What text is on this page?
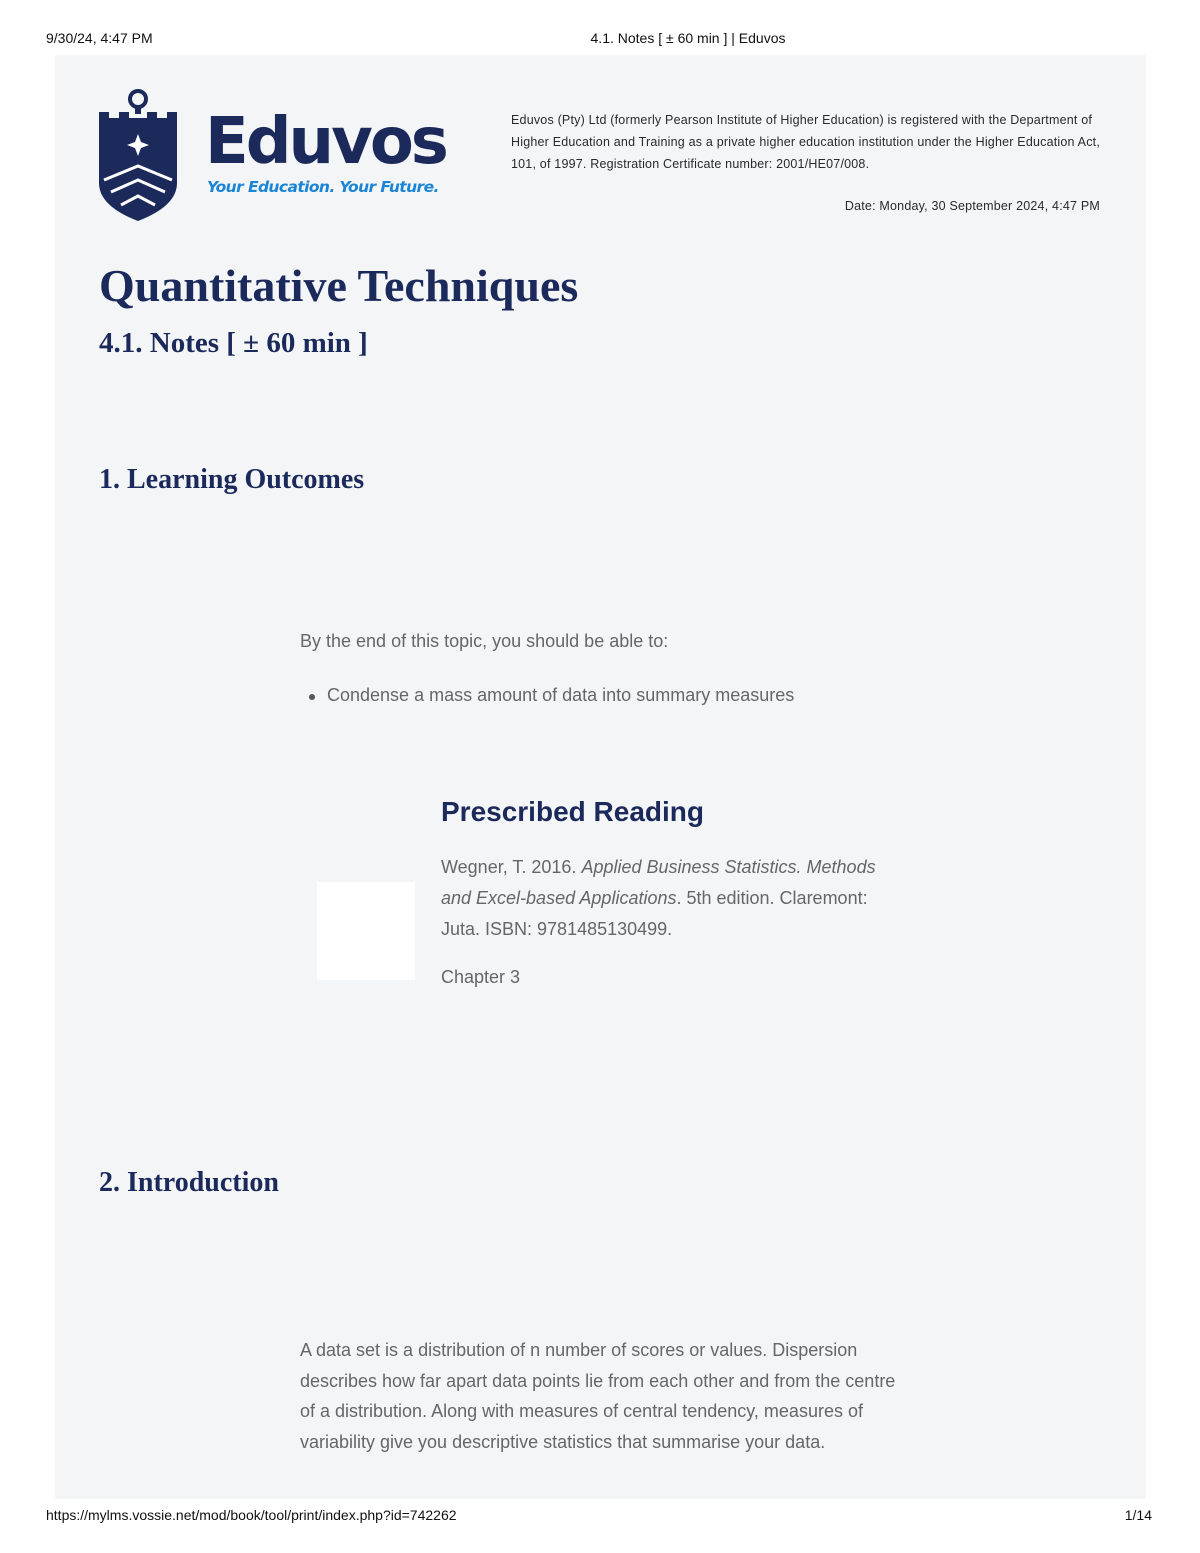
9/30/24, 4:47 PM	4.1. Notes [ ± 60 min ] | Eduvos
Eduvos
Your Education. Your Future.
Eduvos (Pty) Ltd (formerly Pearson Institute of Higher Education) is registered with the Department of Higher Education and Training as a private higher education institution under the Higher Education Act, 101, of 1997. Registration Certificate number: 2001/HE07/008.
Date: Monday, 30 September 2024, 4:47 PM
Quantitative Techniques
4.1. Notes [ ± 60 min ]
1. Learning Outcomes

By the end of this topic, you should be able to:

Condense a mass amount of data into summary measures
Prescribed Reading

Wegner, T. 2016. Applied Business Statistics. Methods and Excel-based Applications. 5th edition. Claremont: Juta. ISBN: 9781485130499.

Chapter 3

2. Introduction

A data set is a distribution of n number of scores or values. Dispersion describes how far apart data points lie from each other and from the centre of a distribution. Along with measures of central tendency, measures of variability give you descriptive statistics that summarise your data.

https://mylms.vossie.net/mod/book/tool/print/index.php?id=742262	1/14
